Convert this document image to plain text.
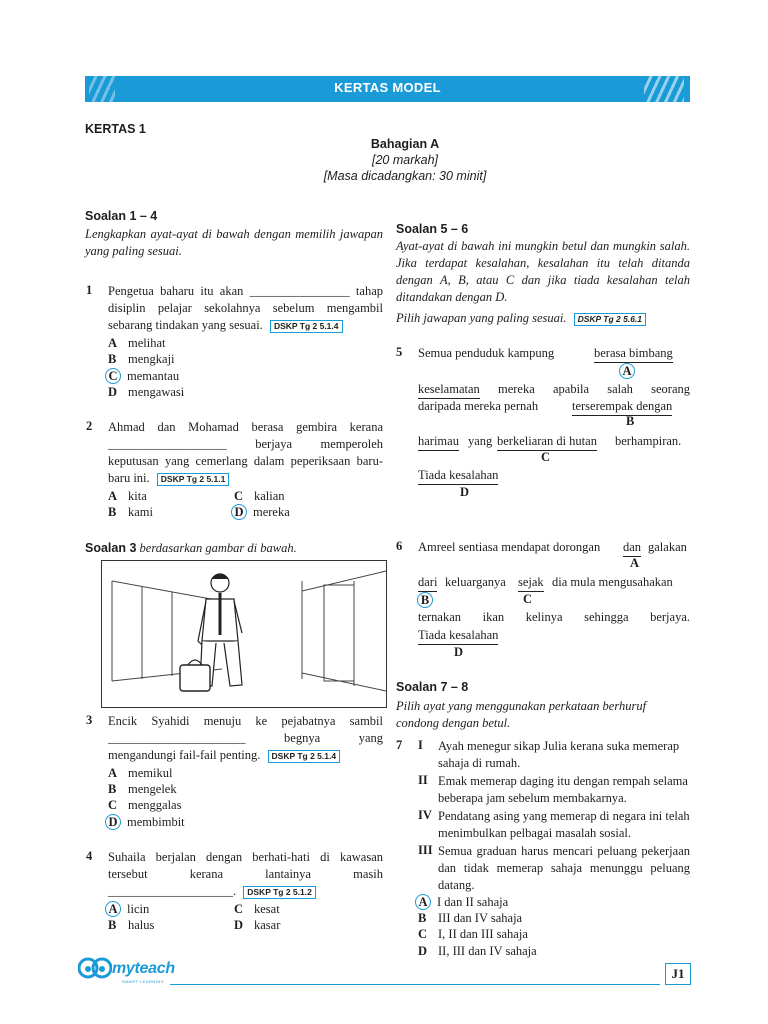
KERTAS MODEL
KERTAS 1
Bahagian A
[20 markah]
[Masa dicadangkan: 30 minit]
Soalan 1 – 4
Lengkapkan ayat-ayat di bawah dengan memilih jawapan yang paling sesuai.
1 Pengetua baharu itu akan ________________ tahap disiplin pelajar sekolahnya sebelum mengambil sebarang tindakan yang sesuai. DSKP Tg 2 5.1.4
A melihat
B mengkaji
C memantau
D mengawasi
2 Ahmad dan Mohamad berasa gembira kerana ___________________ berjaya memperoleh keputusan yang cemerlang dalam peperiksaan baru-baru ini. DSKP Tg 2 5.1.1
A kita
B kami
C kalian
D mereka
Soalan 3 berdasarkan gambar di bawah.
3 Encik Syahidi menuju ke pejabatnya sambil ______________________ begnya yang mengandungi fail-fail penting. DSKP Tg 2 5.1.4
A memikul
B mengelek
C menggalas
D membimbit
4 Suhaila berjalan dengan berhati-hati di kawasan tersebut kerana lantainya masih ____________________. DSKP Tg 2 5.1.2
A licin
B halus
C kesat
D kasar
Soalan 5 – 6
Ayat-ayat di bawah ini mungkin betul dan mungkin salah. Jika terdapat kesalahan, kesalahan itu telah ditanda dengan A, B, atau C dan jika tiada kesalahan telah ditandakan dengan D.
Pilih jawapan yang paling sesuai. DSKP Tg 2 5.6.1
5 Semua penduduk kampung	berasa bimbang
A
keselamatan mereka apabila salah seorang
daripada mereka pernah	terserempak dengan
B
harimau yang berkeliaran di hutan berhampiran.
C
Tiada kesalahan
D
6 Amreel sentiasa mendapat dorongan dan galakan
A
dari keluarganya sejak dia mula mengusahakan
B	C
ternakan ikan kelinya sehingga berjaya.
Tiada kesalahan
D
Soalan 7 – 8
Pilih ayat yang menggunakan perkataan berhuruf condong dengan betul.
7 I Ayah menegur sikap Julia kerana suka memerap sahaja di rumah.
II Emak memerap daging itu dengan rempah selama beberapa jam sebelum membakarnya.
IV Pendatang asing yang memerap di negara ini telah menimbulkan pelbagai masalah sosial.
III Semua graduan harus mencari peluang pekerjaan dan tidak memerap sahaja menunggu peluang datang.
A I dan II sahaja
B III dan IV sahaja
C I, II dan III sahaja
D II, III dan IV sahaja
myteach
SMART LEARNING
J1
